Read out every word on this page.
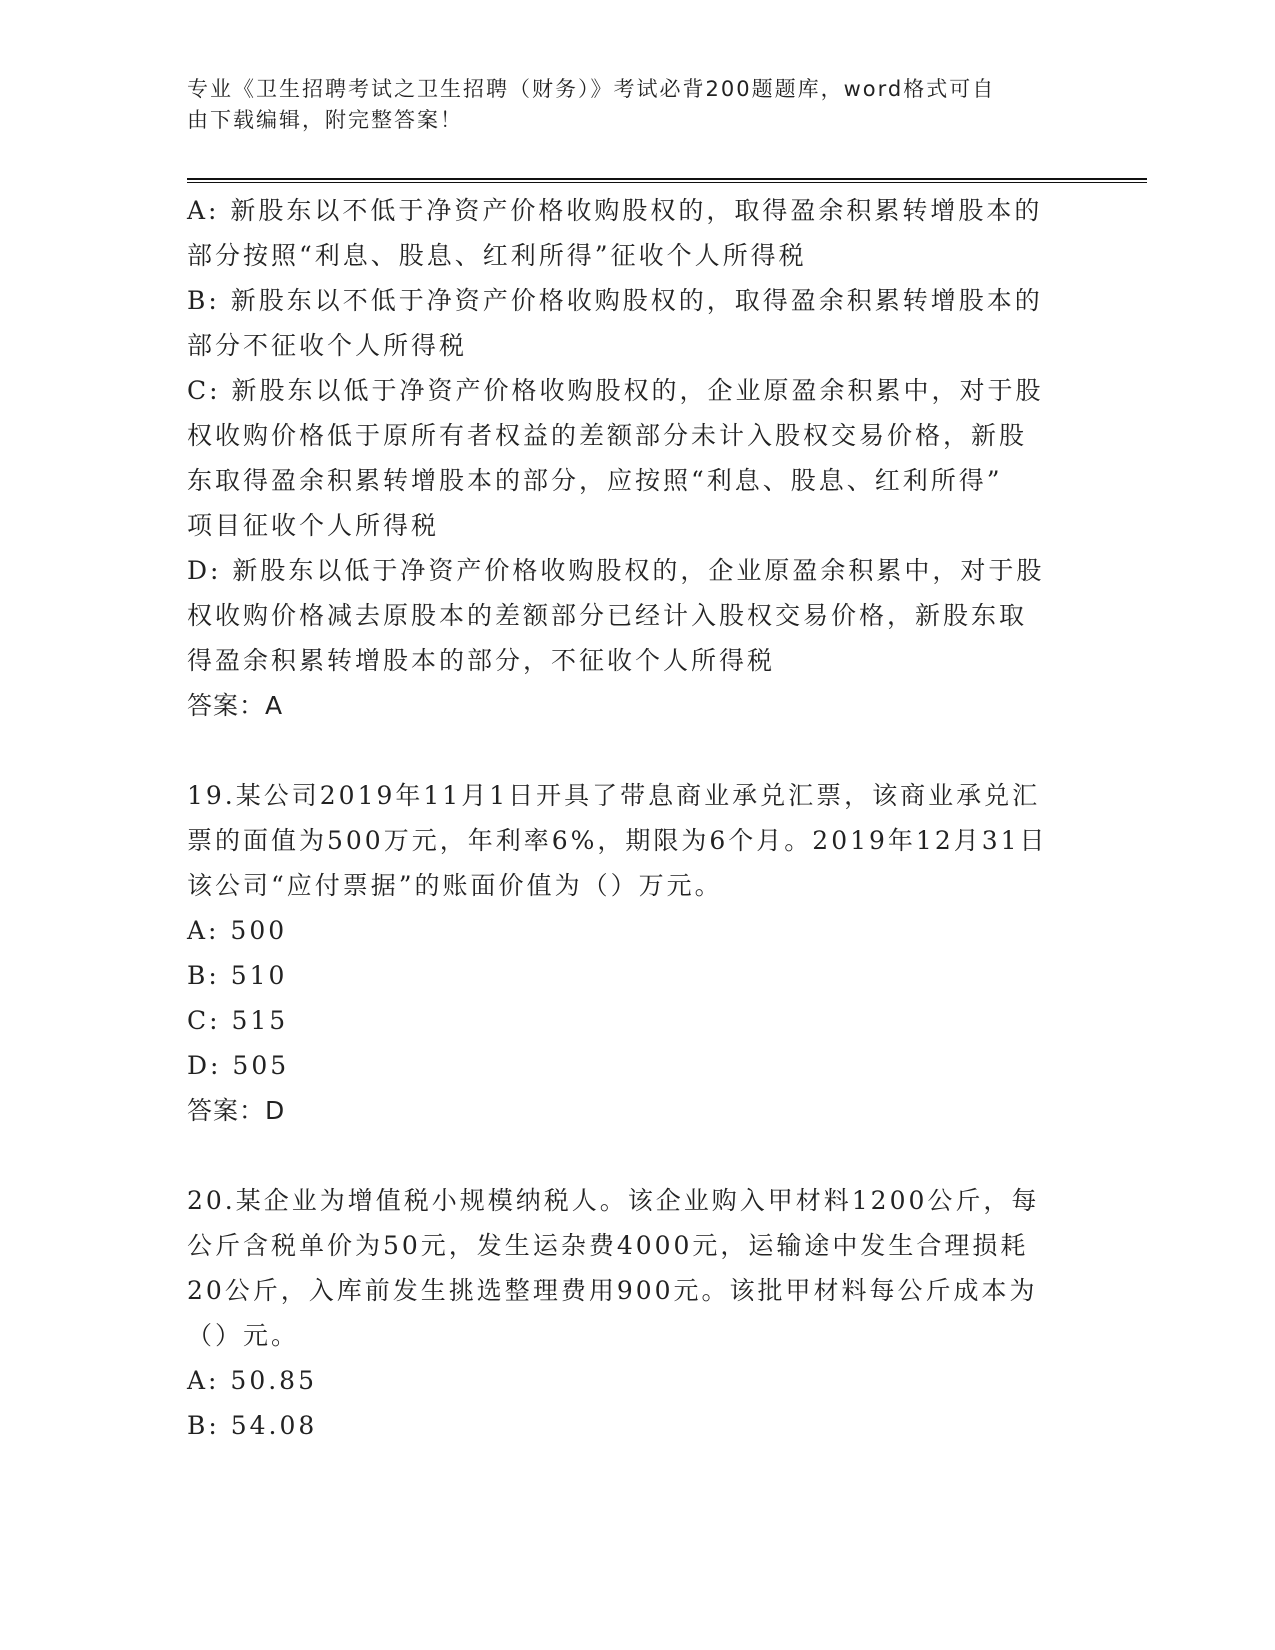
专业《卫生招聘考试之卫生招聘（财务）》考试必背200题题库，word格式可自
由下载编辑，附完整答案！

A: 新股东以不低于净资产价格收购股权的，取得盈余积累转增股本的

部分按照“利息、股息、红利所得”征收个人所得税

B: 新股东以不低于净资产价格收购股权的，取得盈余积累转增股本的

部分不征收个人所得税

C: 新股东以低于净资产价格收购股权的，企业原盈余积累中，对于股

权收购价格低于原所有者权益的差额部分未计入股权交易价格，新股

东取得盈余积累转增股本的部分，应按照“利息、股息、红利所得”

项目征收个人所得税

D: 新股东以低于净资产价格收购股权的，企业原盈余积累中，对于股

权收购价格减去原股本的差额部分已经计入股权交易价格，新股东取

得盈余积累转增股本的部分，不征收个人所得税

答案：A

19.某公司2019年11月1日开具了带息商业承兑汇票，该商业承兑汇

票的面值为500万元，年利率6%，期限为6个月。2019年12月31日

该公司“应付票据”的账面价值为（）万元。

A: 500

B: 510

C: 515

D: 505

答案：D

20.某企业为增值税小规模纳税人。该企业购入甲材料1200公斤，每

公斤含税单价为50元，发生运杂费4000元，运输途中发生合理损耗

20公斤，入库前发生挑选整理费用900元。该批甲材料每公斤成本为

（）元。

A: 50.85

B: 54.08
